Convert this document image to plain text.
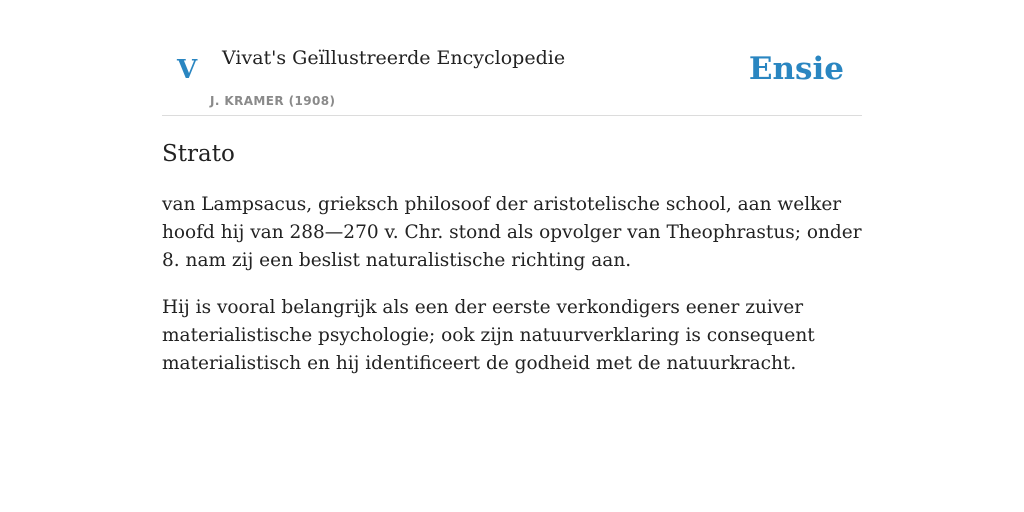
V Vivat's Geïllustreerde Encyclopedie
J. KRAMER (1908)
Ensie
Strato

van Lampsacus, grieksch philosoof der aristotelische school, aan welker hoofd hij van 288—270 v. Chr. stond als opvolger van Theophrastus; onder 8. nam zij een beslist naturalistische richting aan.

Hij is vooral belangrijk als een der eerste verkondigers eener zuiver materialistische psychologie; ook zijn natuurverklaring is consequent materialistisch en hij identificeert de godheid met de natuurkracht.
